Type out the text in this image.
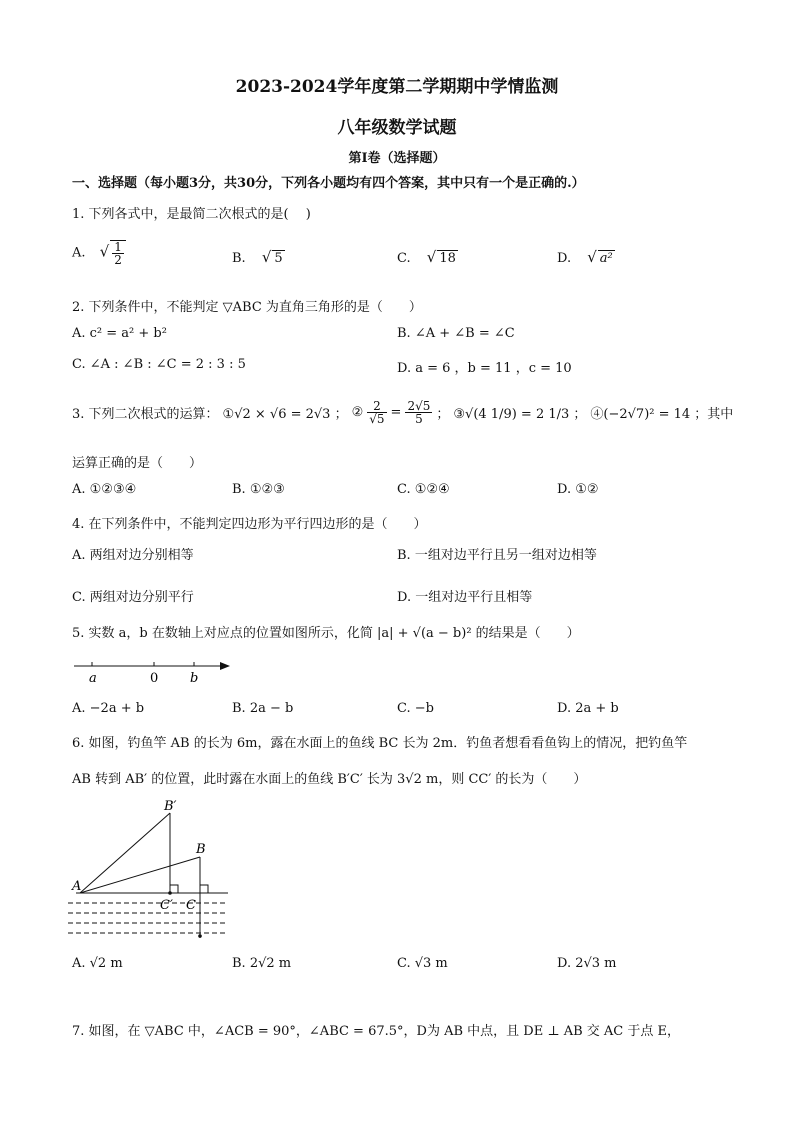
2023-2024学年度第二学期期中学情监测
八年级数学试题
第Ⅰ卷（选择题）
一、选择题（每小题3分，共30分，下列各小题均有四个答案，其中只有一个是正确的.）
1. 下列各式中，是最简二次根式的是(　 )
A. √ $\frac{1}{2}$	B. √ 5	C. √ 18	D. √ a²
2. 下列条件中，不能判定 ▽ABC 为直角三角形的是（　　）
A. c² = a² + b²	B. ∠A + ∠B = ∠C
C. ∠A : ∠B : ∠C = 2 : 3 : 5	D. a = 6 ，b = 11 ，c = 10
3. 下列二次根式的运算： ①√2 × √6 = 2√3 ； ② $\frac{2}{√5} = \frac{2√5}{5}$ ； ③√(4 1/9) = 2 1/3 ； ④(−2√7)² = 14 ；其中
运算正确的是（　　）
A. ①②③④	B. ①②③	C. ①②④	D. ①②
4. 在下列条件中，不能判定四边形为平行四边形的是（　　）
A. 两组对边分别相等	B. 一组对边平行且另一组对边相等
C. 两组对边分别平行	D. 一组对边平行且相等
5. 实数 a，b 在数轴上对应点的位置如图所示，化简 |a| + √(a − b)² 的结果是（　　）
a	0 b
A. −2a + b	B. 2a − b	C. −b	D. 2a + b
6. 如图，钓鱼竿 AB 的长为 6m，露在水面上的鱼线 BC 长为 2m．钓鱼者想看看鱼钩上的情况，把钓鱼竿
AB 转到 AB′ 的位置，此时露在水面上的鱼线 B′C′ 长为 3√2 m，则 CC′ 的长为（　　）
A
B′
B
C′ C
A. √2 m	B. 2√2 m	C. √3 m	D. 2√3 m
7. 如图，在 ▽ABC 中，∠ACB = 90°，∠ABC = 67.5°，D为 AB 中点，且 DE ⊥ AB 交 AC 于点 E，
